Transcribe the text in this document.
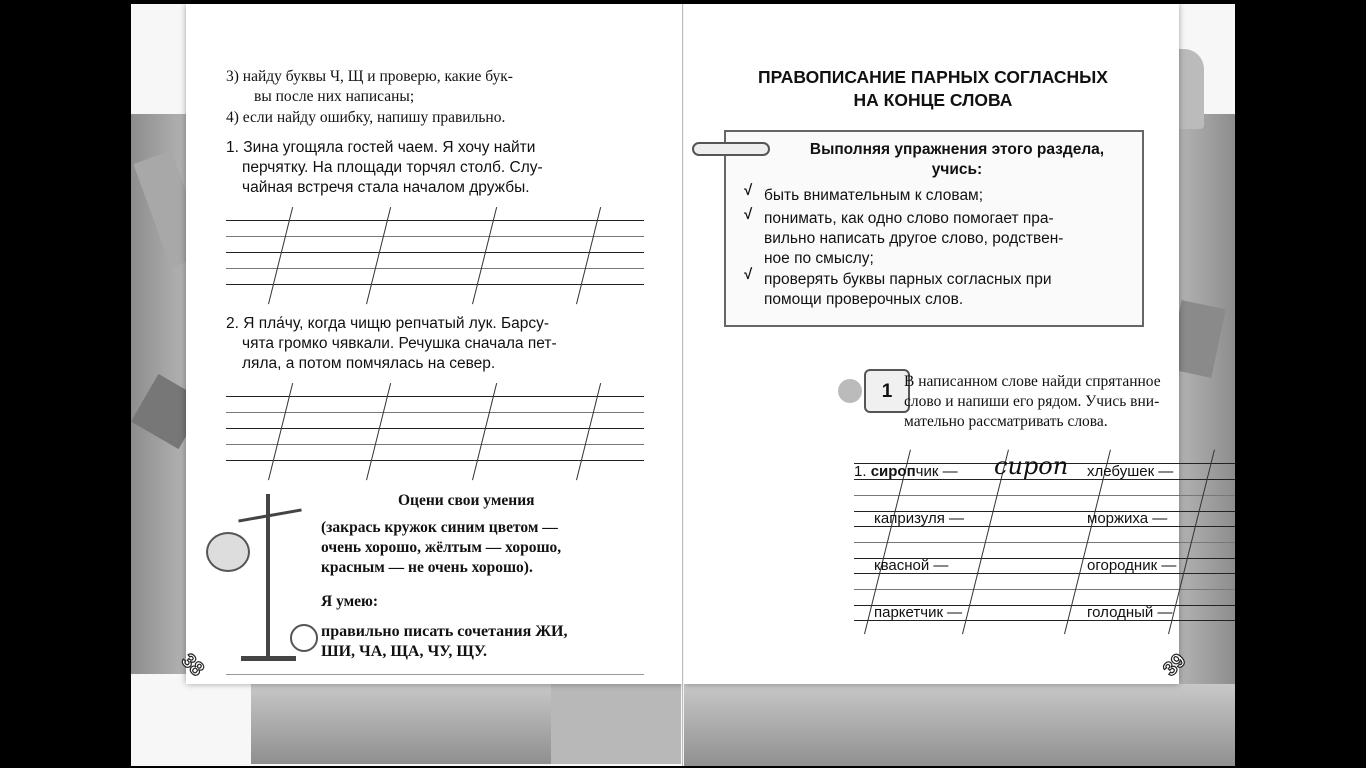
3) найду буквы Ч, Щ и проверю, какие бук-
вы после них написаны;
4) если найду ошибку, напишу правильно.
1. Зина угощяла гостей чаем. Я хочу найти
перчятку. На площади торчял столб. Слу-
чайная встречя стала началом дружбы.
2. Я пла́чу, когда чищю репчатый лук. Барсу-
чята громко чявкали. Речушка сначала пет-
ляла, а потом помчялась на север.
Оцени свои умения
(закрась кружок синим цветом —
очень хорошо, жёлтым — хорошо,
красным — не очень хорошо).
Я умею:
правильно писать сочетания ЖИ,
ШИ, ЧА, ЩА, ЧУ, ЩУ.
38
ПРАВОПИСАНИЕ ПАРНЫХ СОГЛАСНЫХ
НА КОНЦЕ СЛОВА
Выполняя упражнения этого раздела,
учись:
√ быть внимательным к словам;
√ понимать, как одно слово помогает пра-
вильно написать другое слово, родствен-
ное по смыслу;
√ проверять буквы парных согласных при
помощи проверочных слов.
1 В написанном слове найди спрятанное
слово и напиши его рядом. Учись вни-
мательно рассматривать слова.
1. сиропчик — сироп хлебушек —
капризуля —	моржиха —
квасной —	огородник —
паркетчик —	голодный —
39
